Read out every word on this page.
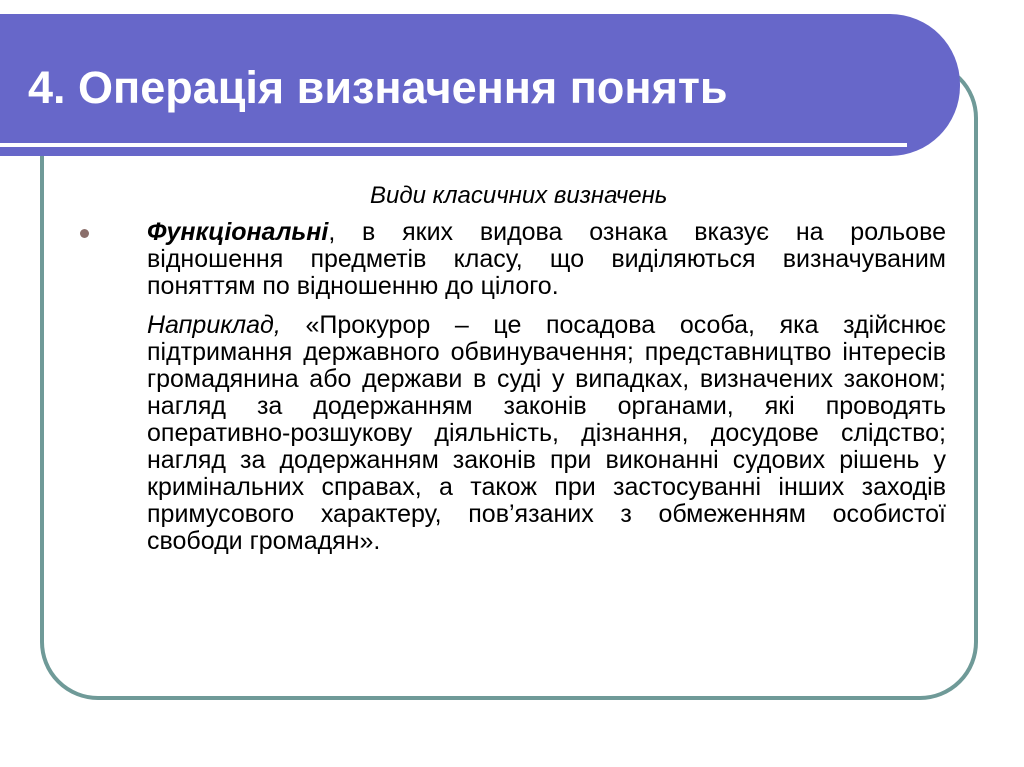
4. Операція визначення понять
Види класичних визначень

Функціональні, в яких видова ознака вказує на рольове відношення предметів класу, що виділяються визначуваним поняттям по відношенню до цілого.

Наприклад, «Прокурор – це посадова особа, яка здійснює підтримання державного обвинувачення; представництво інтересів громадянина або держави в суді у випадках, визначених законом; нагляд за додержанням законів органами, які проводять оперативно-розшукову діяльність, дізнання, досудове слідство; нагляд за додержанням законів при виконанні судових рішень у кримінальних справах, а також при застосуванні інших заходів примусового характеру, пов’язаних з обмеженням особистої свободи громадян».
